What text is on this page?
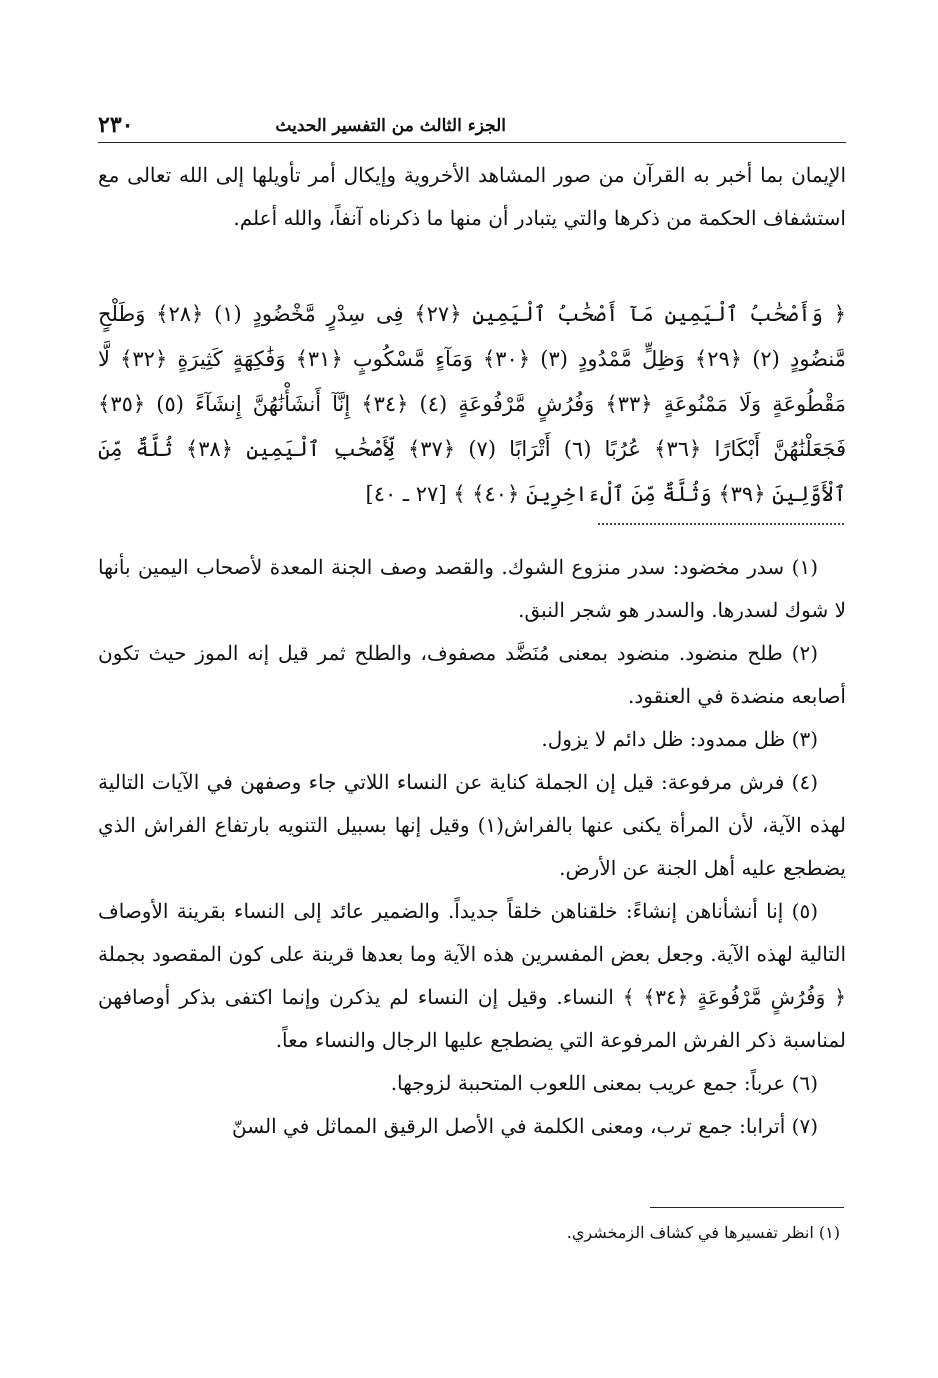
الجزء الثالث من التفسير الحديث
٢٣٠
الإيمان بما أخبر به القرآن من صور المشاهد الأخروية وإيكال أمر تأويلها إلى الله تعالى مع استشفاف الحكمة من ذكرها والتي يتبادر أن منها ما ذكرناه آنفاً، والله أعلم.
﴿ وَأَصْحَٰبُ ٱلْيَمِينِ مَآ أَصْحَٰبُ ٱلْيَمِينِ ﴿٢٧﴾ فِى سِدْرٍ مَّخْضُودٍ (١) ﴿٢٨﴾ وَطَلْحٍ مَّنضُودٍ (٢) ﴿٢٩﴾ وَظِلٍّ مَّمْدُودٍ (٣) ﴿٣٠﴾ وَمَآءٍ مَّسْكُوبٍ ﴿٣١﴾ وَفَٰكِهَةٍ كَثِيرَةٍ ﴿٣٢﴾ لَّا مَقْطُوعَةٍ وَلَا مَمْنُوعَةٍ ﴿٣٣﴾ وَفُرُشٍ مَّرْفُوعَةٍ (٤) ﴿٣٤﴾ إِنَّآ أَنشَأْنَٰهُنَّ إِنشَآءً (٥) ﴿٣٥﴾ فَجَعَلْنَٰهُنَّ أَبْكَارًا ﴿٣٦﴾ عُرُبًا (٦) أَتْرَابًا (٧) ﴿٣٧﴾ لِّأَصْحَٰبِ ٱلْيَمِينِ ﴿٣٨﴾ ثُلَّةٌ مِّنَ ٱلْأَوَّلِينَ ﴿٣٩﴾ وَثُلَّةٌ مِّنَ ٱلْءَاخِرِينَ ﴿٤٠﴾ ﴾ [٢٧ ـ ٤٠]

(١) سدر مخضود: سدر منزوع الشوك. والقصد وصف الجنة المعدة لأصحاب اليمين بأنها لا شوك لسدرها. والسدر هو شجر النبق.

(٢) طلح منضود. منضود بمعنى مُنَضَّد مصفوف، والطلح ثمر قيل إنه الموز حيث تكون أصابعه منضدة في العنقود.

(٣) ظل ممدود: ظل دائم لا يزول.

(٤) فرش مرفوعة: قيل إن الجملة كناية عن النساء اللاتي جاء وصفهن في الآيات التالية لهذه الآية، لأن المرأة يكنى عنها بالفراش(١) وقيل إنها بسبيل التنويه بارتفاع الفراش الذي يضطجع عليه أهل الجنة عن الأرض.

(٥) إنا أنشأناهن إنشاءً: خلقناهن خلقاً جديداً. والضمير عائد إلى النساء بقرينة الأوصاف التالية لهذه الآية. وجعل بعض المفسرين هذه الآية وما بعدها قرينة على كون المقصود بجملة ﴿ وَفُرُشٍ مَّرْفُوعَةٍ ﴿٣٤﴾ ﴾ النساء. وقيل إن النساء لم يذكرن وإنما اكتفى بذكر أوصافهن لمناسبة ذكر الفرش المرفوعة التي يضطجع عليها الرجال والنساء معاً.

(٦) عرباً: جمع عريب بمعنى اللعوب المتحببة لزوجها.

(٧) أترابا: جمع ترب، ومعنى الكلمة في الأصل الرقيق المماثل في السنّ

(١) انظر تفسيرها في كشاف الزمخشري.
